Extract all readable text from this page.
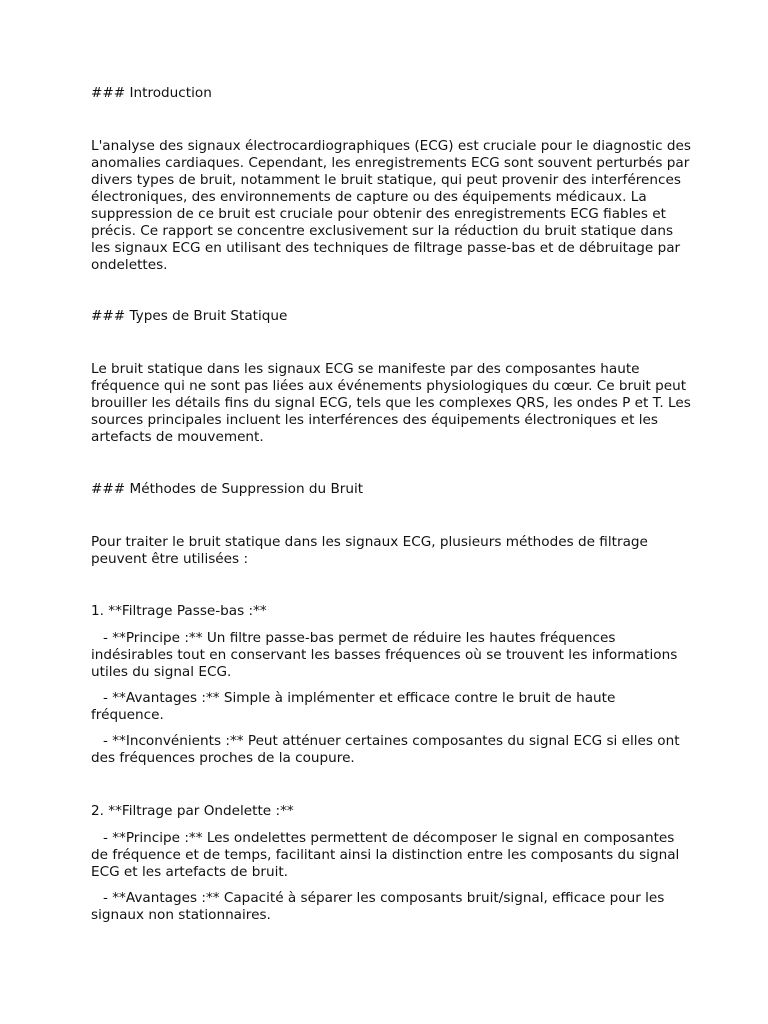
### Introduction

L'analyse des signaux électrocardiographiques (ECG) est cruciale pour le diagnostic des anomalies cardiaques. Cependant, les enregistrements ECG sont souvent perturbés par divers types de bruit, notamment le bruit statique, qui peut provenir des interférences électroniques, des environnements de capture ou des équipements médicaux. La suppression de ce bruit est cruciale pour obtenir des enregistrements ECG fiables et précis. Ce rapport se concentre exclusivement sur la réduction du bruit statique dans les signaux ECG en utilisant des techniques de filtrage passe-bas et de débruitage par ondelettes.

### Types de Bruit Statique

Le bruit statique dans les signaux ECG se manifeste par des composantes haute fréquence qui ne sont pas liées aux événements physiologiques du cœur. Ce bruit peut brouiller les détails fins du signal ECG, tels que les complexes QRS, les ondes P et T. Les sources principales incluent les interférences des équipements électroniques et les artefacts de mouvement.

### Méthodes de Suppression du Bruit

Pour traiter le bruit statique dans les signaux ECG, plusieurs méthodes de filtrage peuvent être utilisées :

1. **Filtrage Passe-bas :**

- **Principe :** Un filtre passe-bas permet de réduire les hautes fréquences indésirables tout en conservant les basses fréquences où se trouvent les informations utiles du signal ECG.

- **Avantages :** Simple à implémenter et efficace contre le bruit de haute fréquence.

- **Inconvénients :** Peut atténuer certaines composantes du signal ECG si elles ont des fréquences proches de la coupure.

2. **Filtrage par Ondelette :**

- **Principe :** Les ondelettes permettent de décomposer le signal en composantes de fréquence et de temps, facilitant ainsi la distinction entre les composants du signal ECG et les artefacts de bruit.

- **Avantages :** Capacité à séparer les composants bruit/signal, efficace pour les signaux non stationnaires.
